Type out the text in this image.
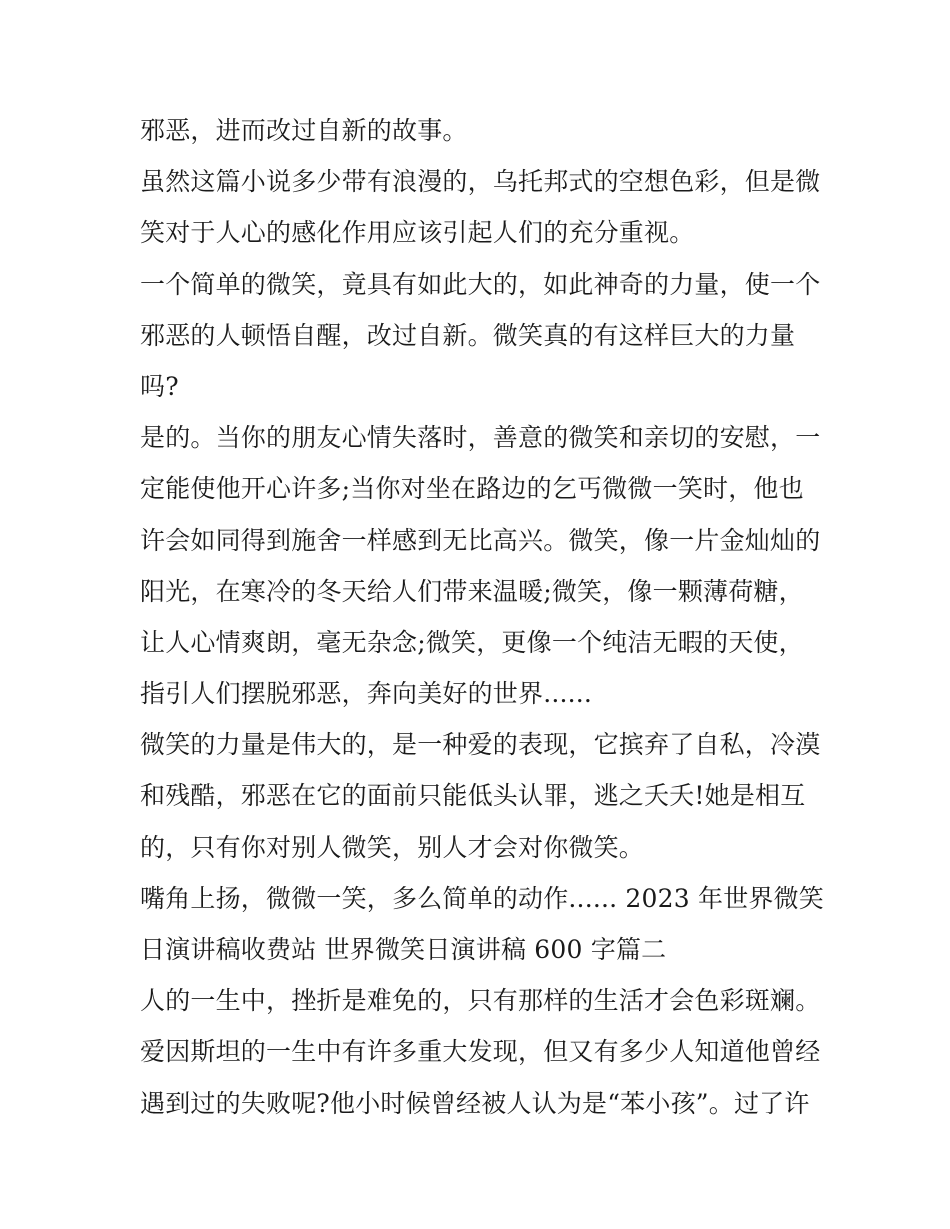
邪恶，进而改过自新的故事。
虽然这篇小说多少带有浪漫的，乌托邦式的空想色彩，但是微
笑对于人心的感化作用应该引起人们的充分重视。
一个简单的微笑，竟具有如此大的，如此神奇的力量，使一个
邪恶的人顿悟自醒，改过自新。微笑真的有这样巨大的力量
吗?
是的。当你的朋友心情失落时，善意的微笑和亲切的安慰，一
定能使他开心许多;当你对坐在路边的乞丐微微一笑时，他也
许会如同得到施舍一样感到无比高兴。微笑，像一片金灿灿的
阳光，在寒冷的冬天给人们带来温暖;微笑，像一颗薄荷糖，
让人心情爽朗，毫无杂念;微笑，更像一个纯洁无暇的天使，
指引人们摆脱邪恶，奔向美好的世界......
微笑的力量是伟大的，是一种爱的表现，它摈弃了自私，冷漠
和残酷，邪恶在它的面前只能低头认罪，逃之夭夭!她是相互
的，只有你对别人微笑，别人才会对你微笑。
嘴角上扬，微微一笑，多么简单的动作...... 2023 年世界微笑
日演讲稿收费站 世界微笑日演讲稿 600 字篇二
人的一生中，挫折是难免的，只有那样的生活才会色彩斑斓。
爱因斯坦的一生中有许多重大发现，但又有多少人知道他曾经
遇到过的失败呢?他小时候曾经被人认为是“苯小孩”。过了许
